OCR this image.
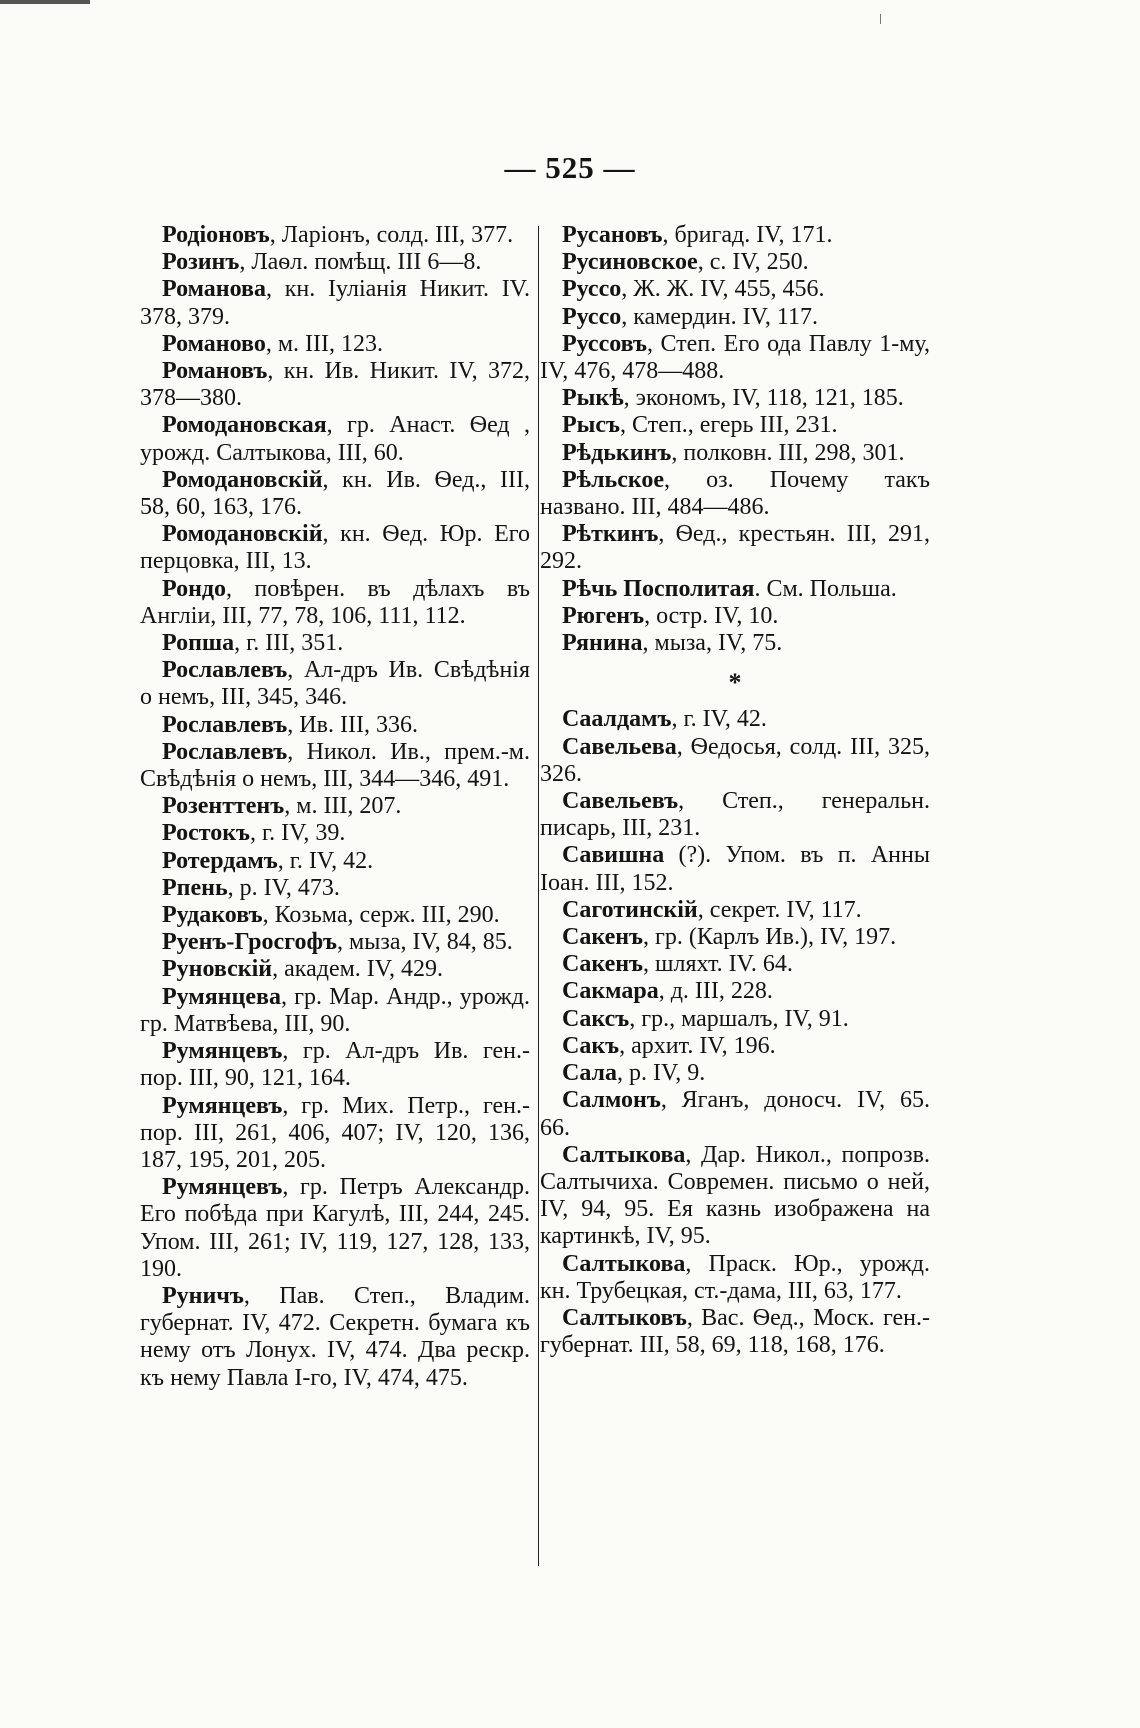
— 525 —

Родіоновъ, Ларіонъ, солд. III, 377.

Розинъ, Лаѳл. помѣщ. III 6—8.

Романова, кн. Іуліанія Никит. IV. 378, 379.

Романово, м. III, 123.

Романовъ, кн. Ив. Никит. IV, 372, 378—380.

Ромодановская, гр. Анаст. Ѳед , урожд. Салтыкова, III, 60.

Ромодановскій, кн. Ив. Ѳед., III, 58, 60, 163, 176.

Ромодановскій, кн. Ѳед. Юр. Его перцовка, III, 13.

Рондо, повѣрен. въ дѣлахъ въ Англіи, III, 77, 78, 106, 111, 112.

Ропша, г. III, 351.

Рославлевъ, Ал-дръ Ив. Свѣдѣнія о немъ, III, 345, 346.

Рославлевъ, Ив. III, 336.

Рославлевъ, Никол. Ив., прем.-м. Свѣдѣнія о немъ, III, 344—346, 491.

Розенттенъ, м. III, 207.

Ростокъ, г. IV, 39.

Ротердамъ, г. IV, 42.

Рпень, р. IV, 473.

Рудаковъ, Козьма, серж. III, 290.

Руенъ-Гросгофъ, мыза, IV, 84, 85.

Руновскій, академ. IV, 429.

Румянцева, гр. Мар. Андр., урожд. гр. Матвѣева, III, 90.

Румянцевъ, гр. Ал-дръ Ив. ген.-пор. III, 90, 121, 164.

Румянцевъ, гр. Мих. Петр., ген.-пор. III, 261, 406, 407; IV, 120, 136, 187, 195, 201, 205.

Румянцевъ, гр. Петръ Александр. Его побѣда при Кагулѣ, III, 244, 245. Упом. III, 261; IV, 119, 127, 128, 133, 190.

Руничъ, Пав. Степ., Владим. губернат. IV, 472. Секретн. бумага къ нему отъ Лонух. IV, 474. Два рескр. къ нему Павла I-го, IV, 474, 475.

Русановъ, бригад. IV, 171.

Русиновское, с. IV, 250.

Руссо, Ж. Ж. IV, 455, 456.

Руссо, камердин. IV, 117.

Руссовъ, Степ. Его ода Павлу 1-му, IV, 476, 478—488.

Рыкѣ, экономъ, IV, 118, 121, 185.

Рысъ, Степ., егерь III, 231.

Рѣдькинъ, полковн. III, 298, 301.

Рѣльское, оз. Почему такъ названо. III, 484—486.

Рѣткинъ, Ѳед., крестьян. III, 291, 292.

Рѣчь Посполитая. См. Польша.

Рюгенъ, остр. IV, 10.

Рянина, мыза, IV, 75.

*

Саалдамъ, г. IV, 42.

Савельева, Ѳедосья, солд. III, 325, 326.

Савельевъ, Степ., генеральн. писарь, III, 231.

Савишна (?). Упом. въ п. Анны Іоан. III, 152.

Саготинскій, секрет. IV, 117.

Сакенъ, гр. (Карлъ Ив.), IV, 197.

Сакенъ, шляхт. IV. 64.

Сакмара, д. III, 228.

Саксъ, гр., маршалъ, IV, 91.

Сакъ, архит. IV, 196.

Сала, р. IV, 9.

Салмонъ, Яганъ, доносч. IV, 65. 66.

Салтыкова, Дар. Никол., попрозв. Салтычиха. Современ. письмо о ней, IV, 94, 95. Ея казнь изображена на картинкѣ, IV, 95.

Салтыкова, Праск. Юр., урожд. кн. Трубецкая, ст.-дама, III, 63, 177.

Салтыковъ, Вас. Ѳед., Моск. ген.-губернат. III, 58, 69, 118, 168, 176.
